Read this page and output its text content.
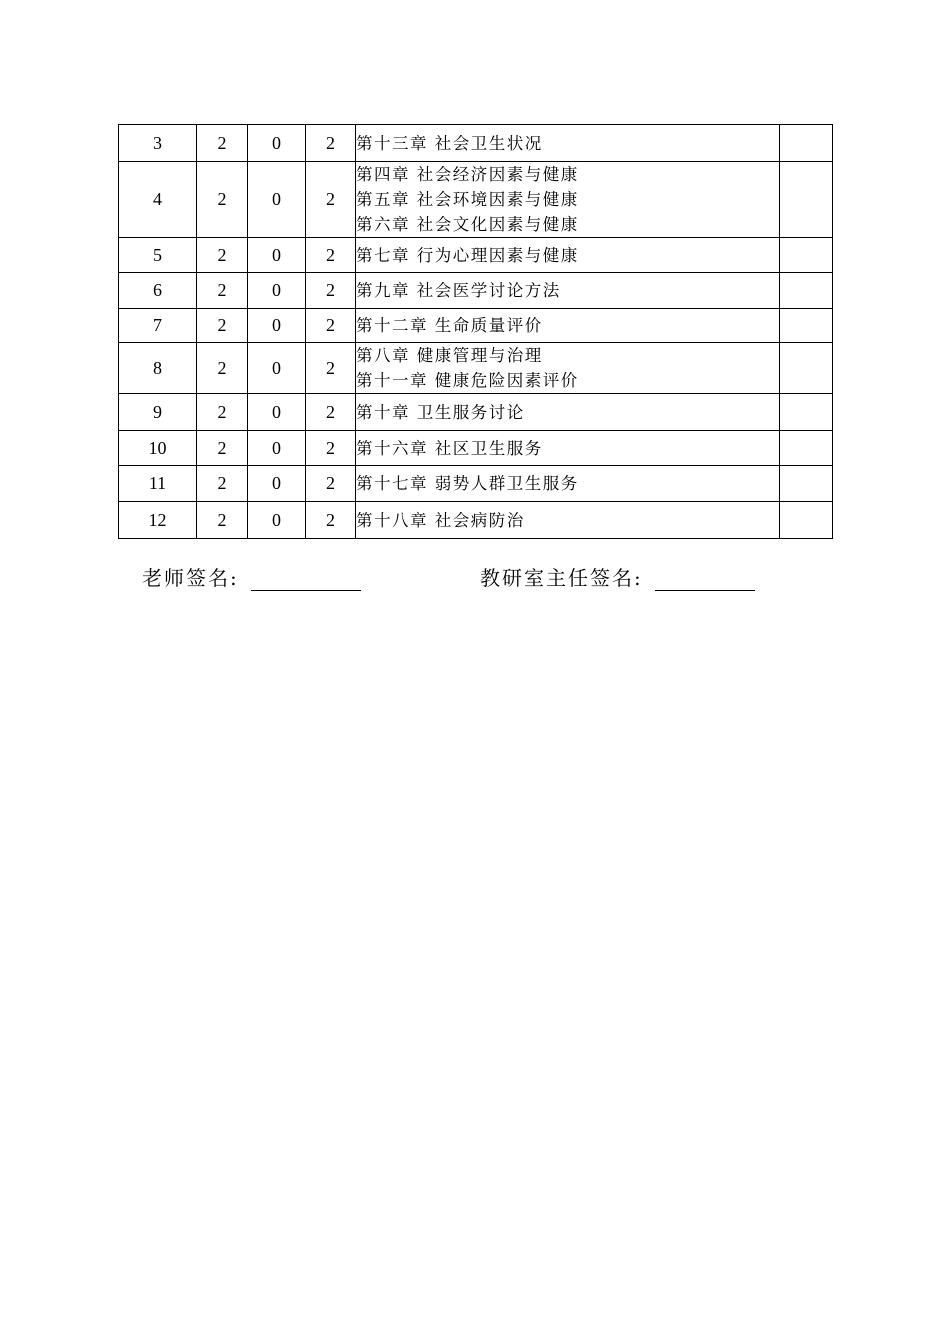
3	2	0	2	第十三章 社会卫生状况	

4	2	0	2	第四章 社会经济因素与健康
第五章 社会环境因素与健康
第六章 社会文化因素与健康	

5	2	0	2	第七章 行为心理因素与健康	

6	2	0	2	第九章 社会医学讨论方法	

7	2	0	2	第十二章 生命质量评价	

8	2	0	2	第八章 健康管理与治理
第十一章 健康危险因素评价	

9	2	0	2	第十章 卫生服务讨论	

10	2	0	2	第十六章 社区卫生服务	

11	2	0	2	第十七章 弱势人群卫生服务	

12	2	0	2	第十八章 社会病防治	

老师签名:	教研室主任签名:
